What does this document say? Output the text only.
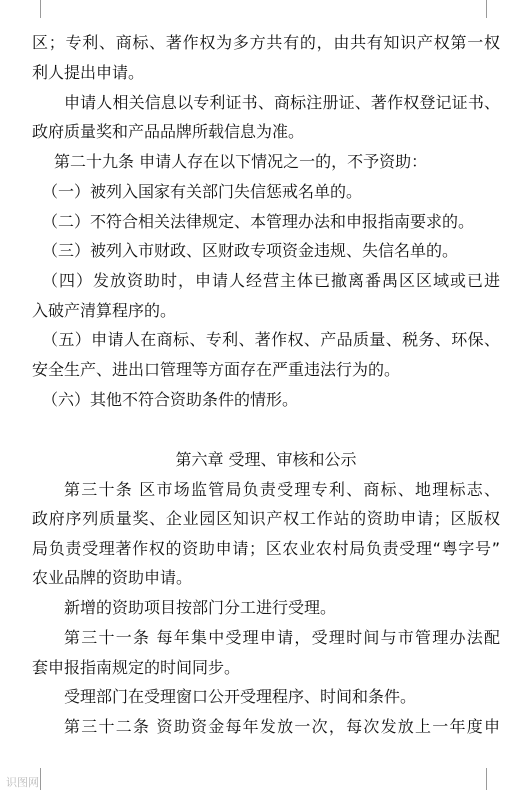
区；专利、商标、著作权为多方共有的，由共有知识产权第一权
利人提出申请。
申请人相关信息以专利证书、商标注册证、著作权登记证书、
政府质量奖和产品品牌所载信息为准。
第二十九条 申请人存在以下情况之一的，不予资助：
（一）被列入国家有关部门失信惩戒名单的。
（二）不符合相关法律规定、本管理办法和申报指南要求的。
（三）被列入市财政、区财政专项资金违规、失信名单的。
（四）发放资助时，申请人经营主体已撤离番禺区区域或已进
入破产清算程序的。
（五）申请人在商标、专利、著作权、产品质量、税务、环保、
安全生产、进出口管理等方面存在严重违法行为的。
（六）其他不符合资助条件的情形。
第六章 受理、审核和公示
第三十条 区市场监管局负责受理专利、商标、地理标志、
政府序列质量奖、企业园区知识产权工作站的资助申请；区版权
局负责受理著作权的资助申请；区农业农村局负责受理“粤字号”
农业品牌的资助申请。
新增的资助项目按部门分工进行受理。
第三十一条 每年集中受理申请，受理时间与市管理办法配
套申报指南规定的时间同步。
受理部门在受理窗口公开受理程序、时间和条件。
第三十二条 资助资金每年发放一次，每次发放上一年度申
识图网
